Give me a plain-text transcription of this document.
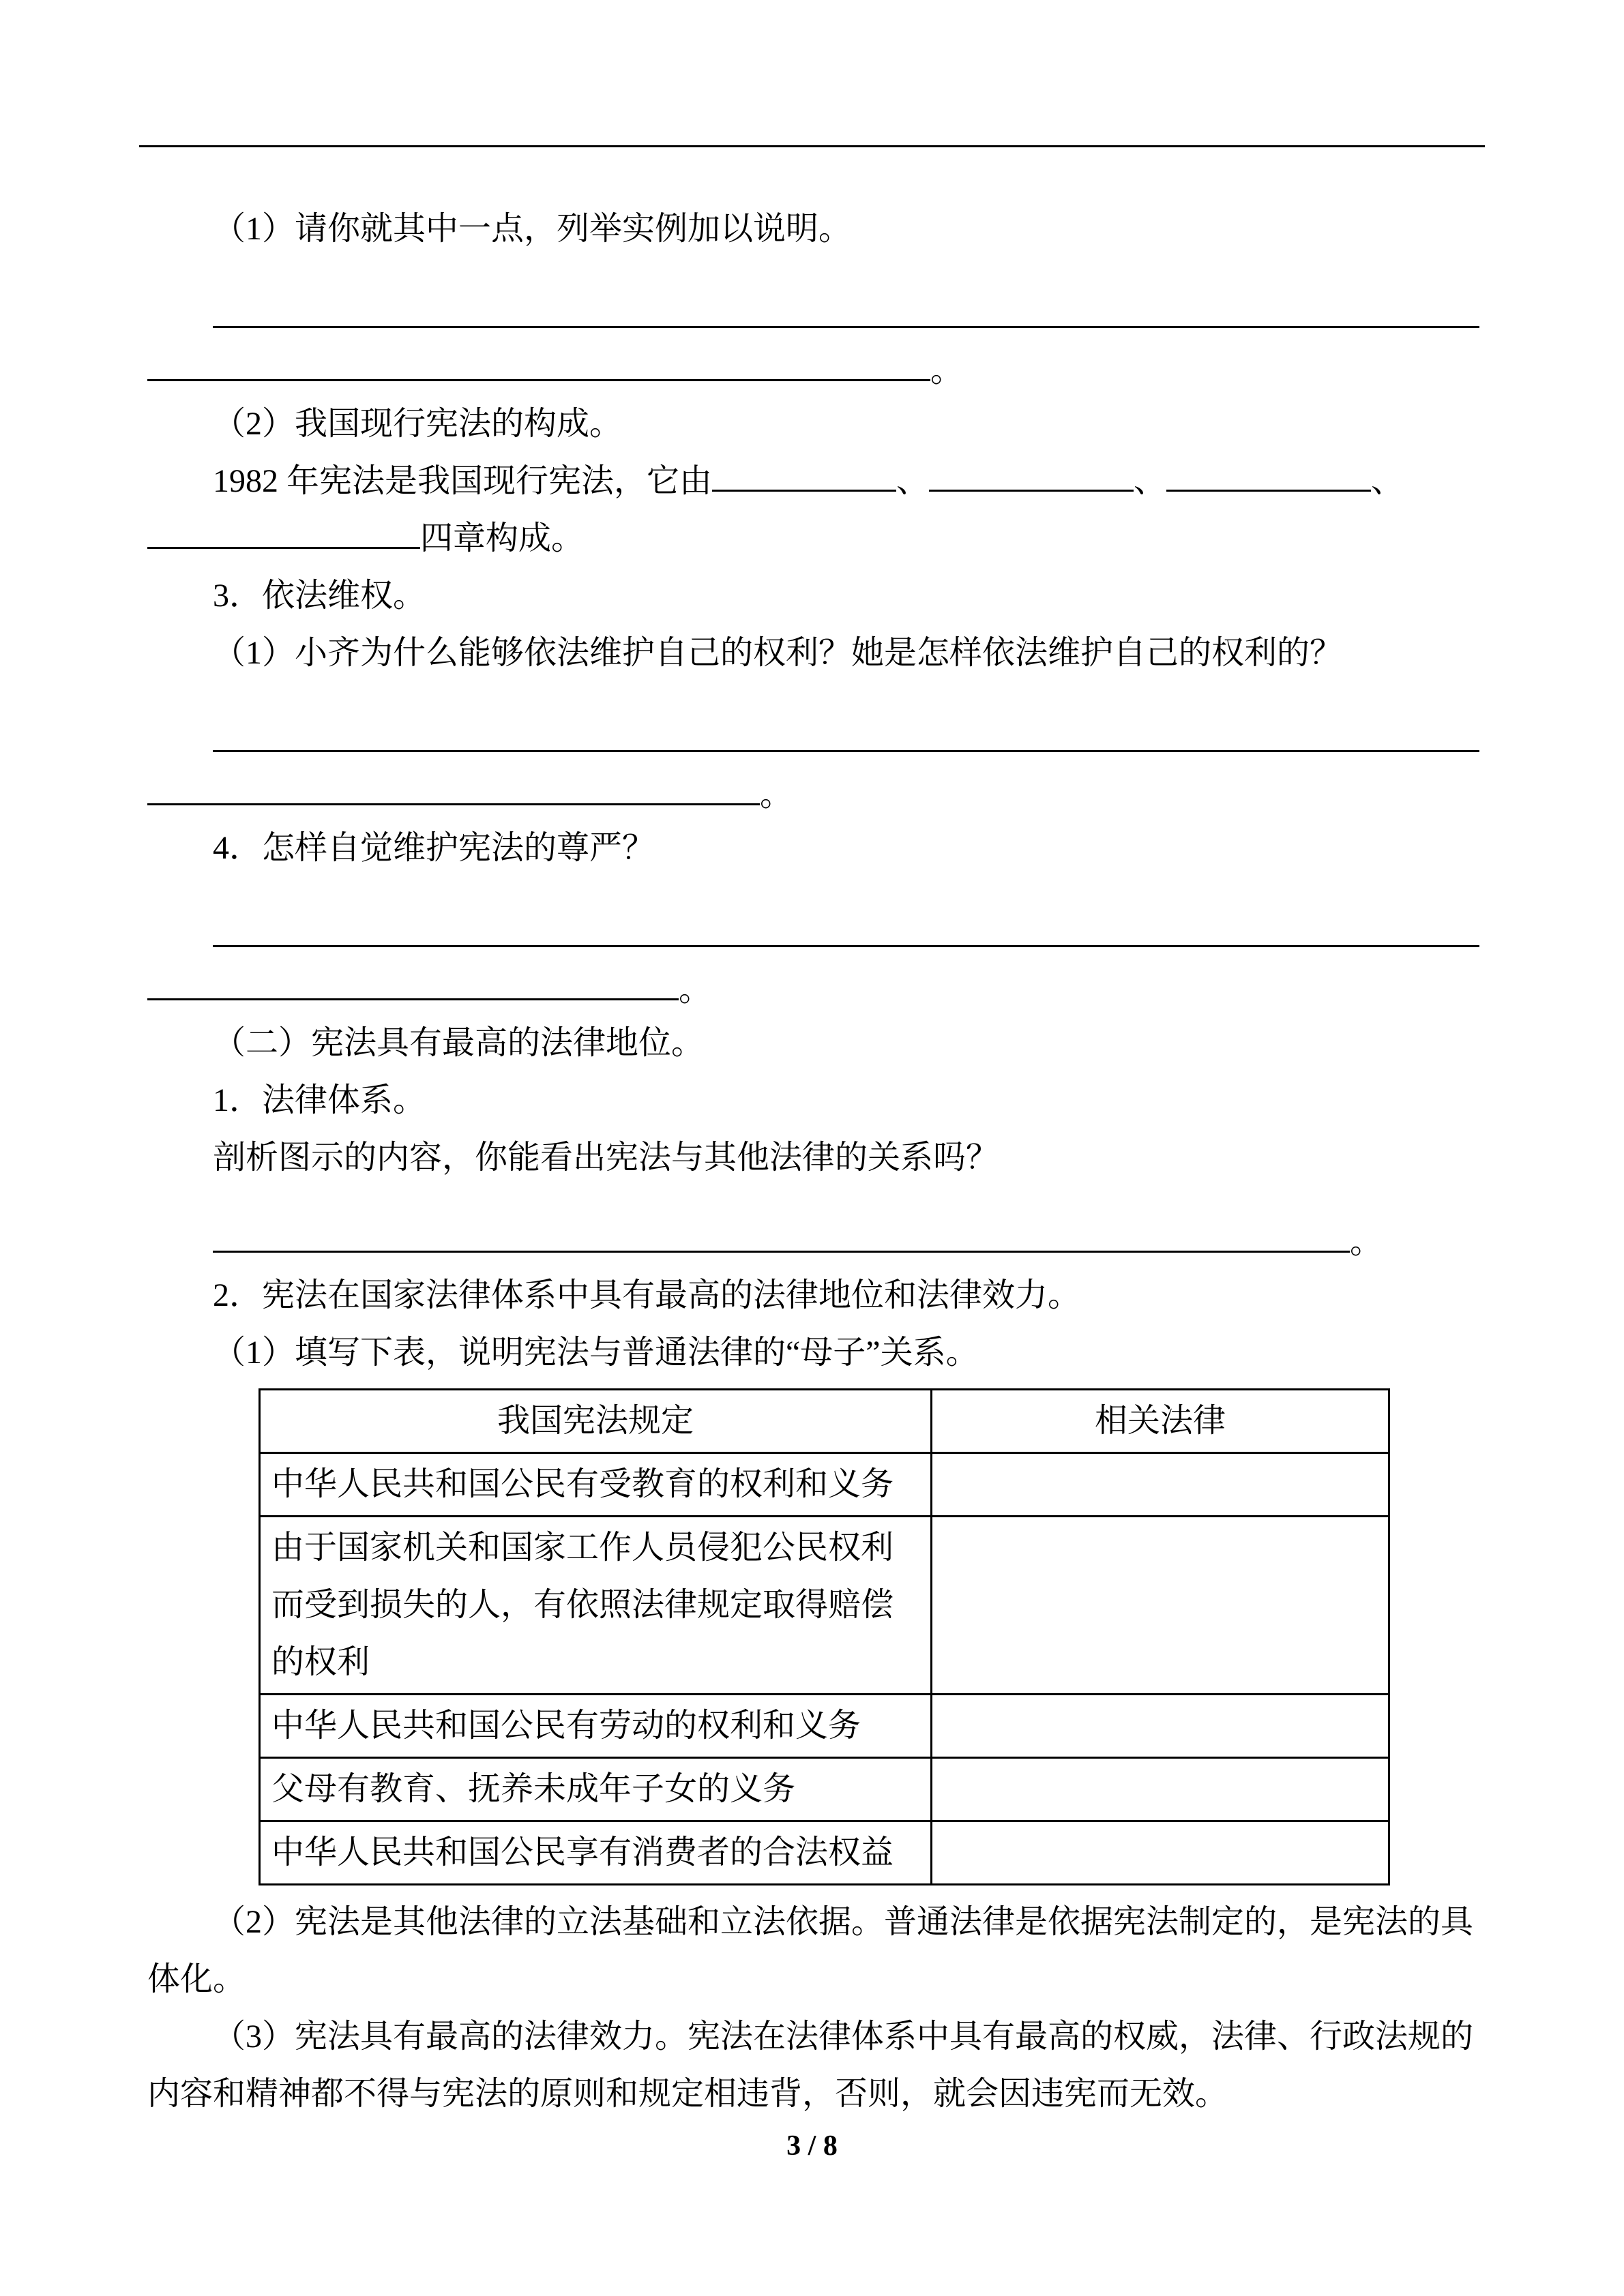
（1）请你就其中一点，列举实例加以说明。

。

（2）我国现行宪法的构成。

1982 年宪法是我国现行宪法，它由	、	、	、

四章构成。

3．依法维权。

（1）小齐为什么能够依法维护自己的权利？她是怎样依法维护自己的权利的？

。

4．怎样自觉维护宪法的尊严？

。

（二）宪法具有最高的法律地位。

1．法律体系。

剖析图示的内容，你能看出宪法与其他法律的关系吗？

。

2．宪法在国家法律体系中具有最高的法律地位和法律效力。

（1）填写下表，说明宪法与普通法律的“母子”关系。

我国宪法规定	相关法律
中华人民共和国公民有受教育的权利和义务	
由于国家机关和国家工作人员侵犯公民权利而受到损失的人，有依照法律规定取得赔偿的权利	
中华人民共和国公民有劳动的权利和义务	
父母有教育、抚养未成年子女的义务	
中华人民共和国公民享有消费者的合法权益	

（2）宪法是其他法律的立法基础和立法依据。普通法律是依据宪法制定的，是宪法的具体化。

（3）宪法具有最高的法律效力。宪法在法律体系中具有最高的权威，法律、行政法规的内容和精神都不得与宪法的原则和规定相违背，否则，就会因违宪而无效。

3 / 8
